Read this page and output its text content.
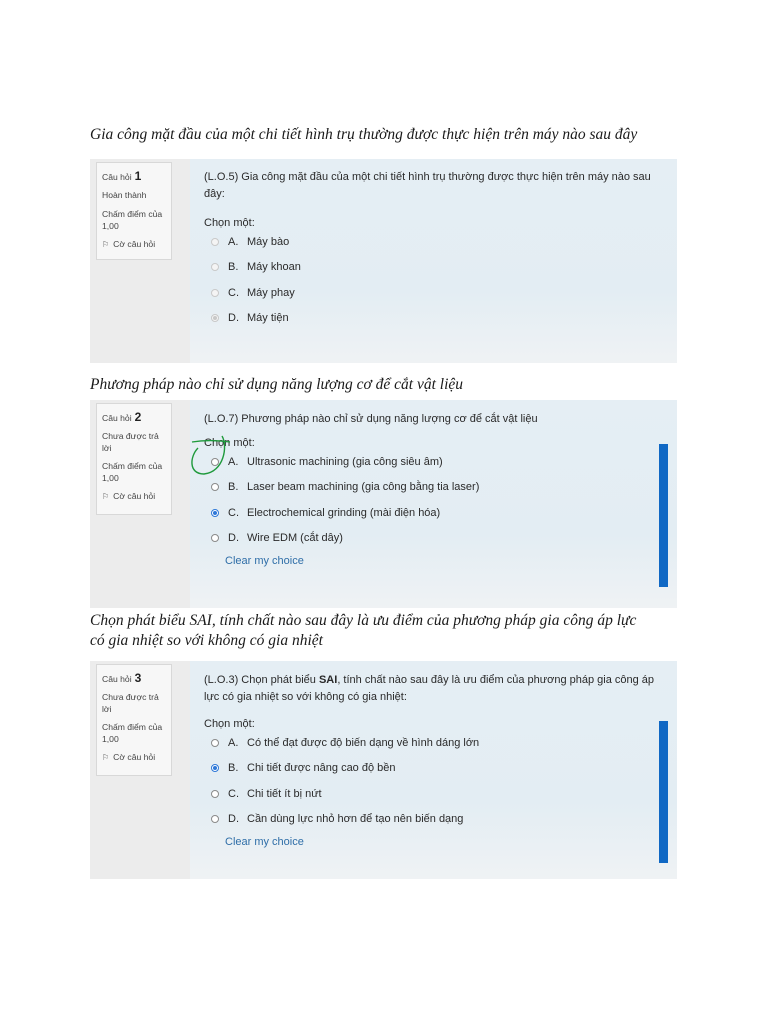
Gia công mặt đầu của một chi tiết hình trụ thường được thực hiện trên máy nào sau đây
Câu hỏi 1
Hoàn thành
Chấm điểm của
1,00
⚐ Cờ câu hỏi
(L.O.5) Gia công mặt đầu của một chi tiết hình trụ thường được thực hiện trên máy nào sau
đây:
Chọn một:
A. Máy bào
B. Máy khoan
C. Máy phay
D. Máy tiện
Phương pháp nào chỉ sử dụng năng lượng cơ để cắt vật liệu
Câu hỏi 2
Chưa được trả
lời
Chấm điểm của
1,00
⚐ Cờ câu hỏi
(L.O.7) Phương pháp nào chỉ sử dụng năng lượng cơ để cắt vật liệu
Chọn một:
A. Ultrasonic machining (gia công siêu âm)
B. Laser beam machining (gia công bằng tia laser)
C. Electrochemical grinding (mài điện hóa)
D. Wire EDM (cắt dây)
Clear my choice
Chọn phát biểu SAI, tính chất nào sau đây là ưu điểm của phương pháp gia công áp lực
có gia nhiệt so với không có gia nhiệt
Câu hỏi 3
Chưa được trả
lời
Chấm điểm của
1,00
⚐ Cờ câu hỏi
(L.O.3) Chọn phát biểu SAI, tính chất nào sau đây là ưu điểm của phương pháp gia công áp
lực có gia nhiệt so với không có gia nhiệt:
Chọn một:
A. Có thể đạt được độ biến dạng về hình dáng lớn
B. Chi tiết được nâng cao độ bền
C. Chi tiết ít bị nứt
D. Cần dùng lực nhỏ hơn để tạo nên biến dạng
Clear my choice
